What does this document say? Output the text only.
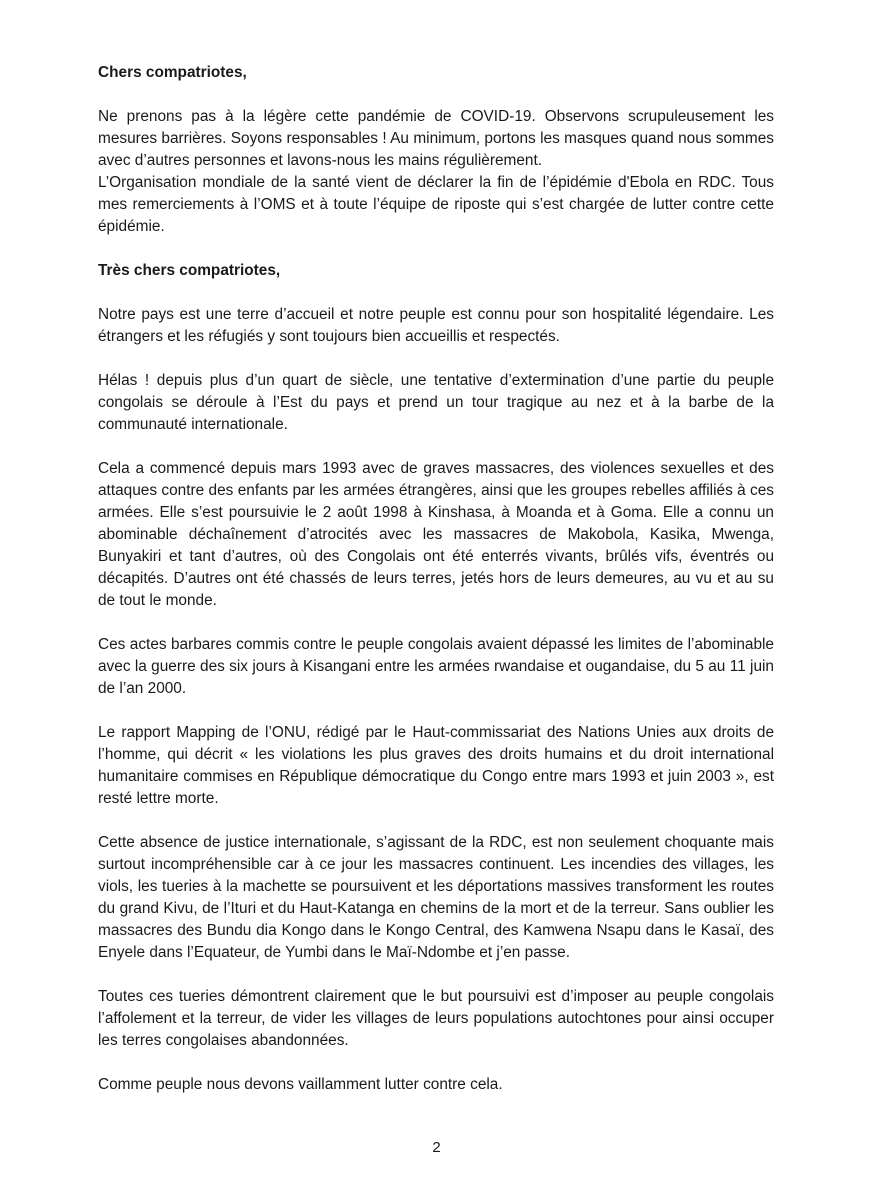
Chers compatriotes,

Ne prenons pas à la légère cette pandémie de COVID-19. Observons scrupuleusement les mesures barrières. Soyons responsables ! Au minimum, portons les masques quand nous sommes avec d’autres personnes et lavons-nous les mains régulièrement.

L’Organisation mondiale de la santé vient de déclarer la fin de l’épidémie d'Ebola en RDC. Tous mes remerciements à l’OMS et à toute l’équipe de riposte qui s’est chargée de lutter contre cette épidémie.

Très chers compatriotes,

Notre pays est une terre d’accueil et notre peuple est connu pour son hospitalité légendaire. Les étrangers et les réfugiés y sont toujours bien accueillis et respectés.

Hélas ! depuis plus d’un quart de siècle, une tentative d’extermination d’une partie du peuple congolais se déroule à l’Est du pays et prend un tour tragique au nez et à la barbe de la communauté internationale.

Cela a commencé depuis mars 1993 avec de graves massacres, des violences sexuelles et des attaques contre des enfants par les armées étrangères, ainsi que les groupes rebelles affiliés à ces armées. Elle s’est poursuivie le 2 août 1998 à Kinshasa, à Moanda et à Goma. Elle a connu un abominable déchaînement d’atrocités avec les massacres de Makobola, Kasika, Mwenga, Bunyakiri et tant d’autres, où des Congolais ont été enterrés vivants, brûlés vifs, éventrés ou décapités. D’autres ont été chassés de leurs terres, jetés hors de leurs demeures, au vu et au su de tout le monde.

Ces actes barbares commis contre le peuple congolais avaient dépassé les limites de l’abominable avec la guerre des six jours à Kisangani entre les armées rwandaise et ougandaise, du 5 au 11 juin de l’an 2000.

Le rapport Mapping de l’ONU, rédigé par le Haut-commissariat des Nations Unies aux droits de l’homme, qui décrit « les violations les plus graves des droits humains et du droit international humanitaire commises en République démocratique du Congo entre mars 1993 et juin 2003 », est resté lettre morte.

Cette absence de justice internationale, s’agissant de la RDC, est non seulement choquante mais surtout incompréhensible car à ce jour les massacres continuent. Les incendies des villages, les viols, les tueries à la machette se poursuivent et les déportations massives transforment les routes du grand Kivu, de l’Ituri et du Haut-Katanga en chemins de la mort et de la terreur. Sans oublier les massacres des Bundu dia Kongo dans le Kongo Central, des Kamwena Nsapu dans le Kasaï, des Enyele dans l’Equateur, de Yumbi dans le Maï-Ndombe et j’en passe.

Toutes ces tueries démontrent clairement que le but poursuivi est d’imposer au peuple congolais l’affolement et la terreur, de vider les villages de leurs populations autochtones pour ainsi occuper les terres congolaises abandonnées.

Comme peuple nous devons vaillamment lutter contre cela.

2
